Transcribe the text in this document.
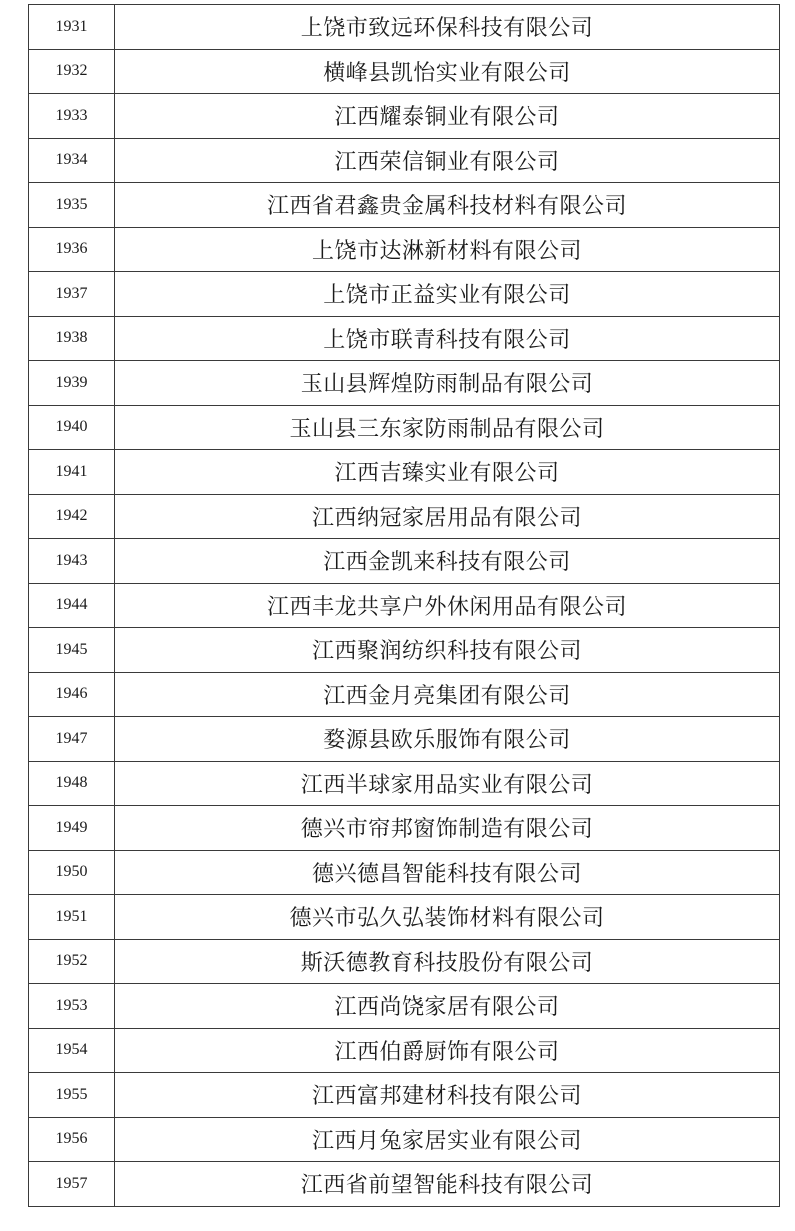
1931	上饶市致远环保科技有限公司
1932	横峰县凯怡实业有限公司
1933	江西耀泰铜业有限公司
1934	江西荣信铜业有限公司
1935	江西省君鑫贵金属科技材料有限公司
1936	上饶市达淋新材料有限公司
1937	上饶市正益实业有限公司
1938	上饶市联青科技有限公司
1939	玉山县辉煌防雨制品有限公司
1940	玉山县三东家防雨制品有限公司
1941	江西吉臻实业有限公司
1942	江西纳冠家居用品有限公司
1943	江西金凯来科技有限公司
1944	江西丰龙共享户外休闲用品有限公司
1945	江西聚润纺织科技有限公司
1946	江西金月亮集团有限公司
1947	婺源县欧乐服饰有限公司
1948	江西半球家用品实业有限公司
1949	德兴市帘邦窗饰制造有限公司
1950	德兴德昌智能科技有限公司
1951	德兴市弘久弘装饰材料有限公司
1952	斯沃德教育科技股份有限公司
1953	江西尚饶家居有限公司
1954	江西伯爵厨饰有限公司
1955	江西富邦建材科技有限公司
1956	江西月兔家居实业有限公司
1957	江西省前望智能科技有限公司
